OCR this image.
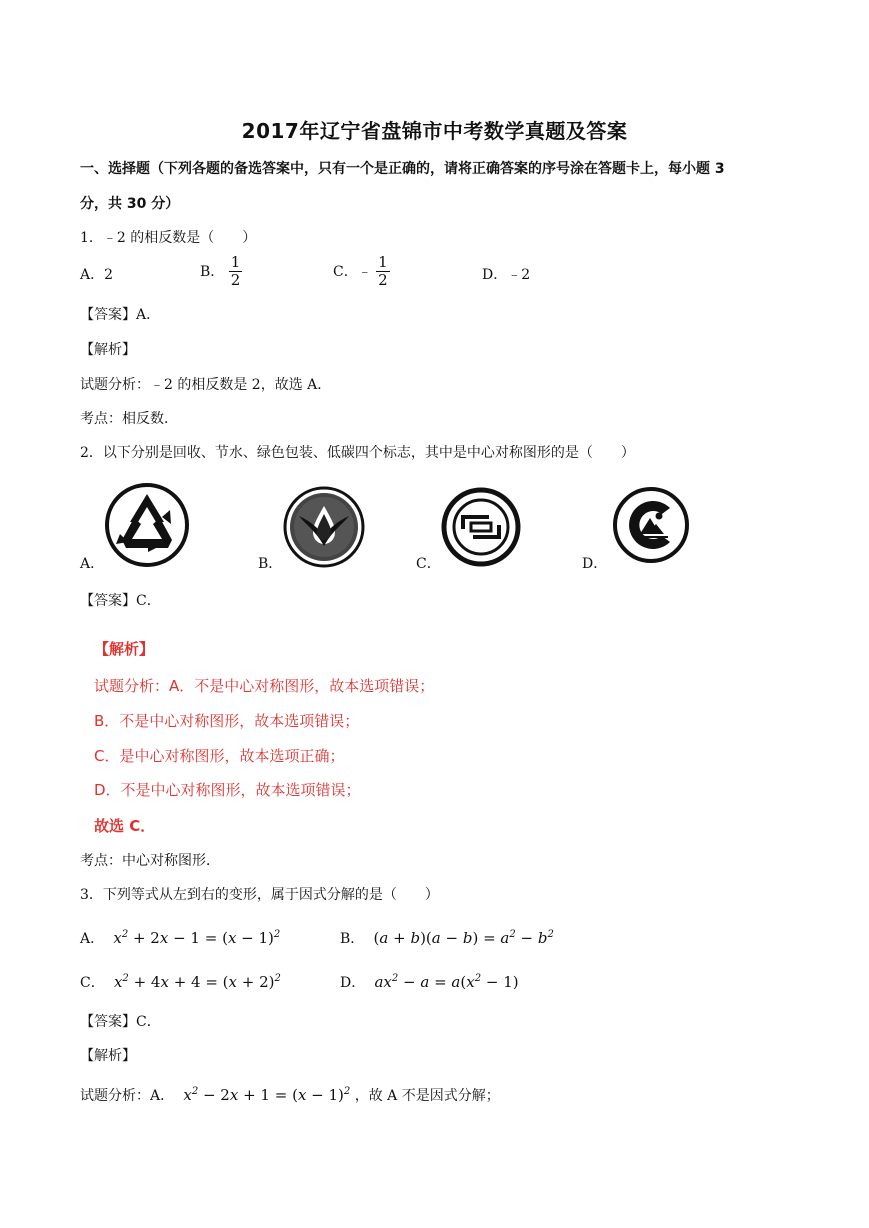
2017年辽宁省盘锦市中考数学真题及答案
一、选择题（下列各题的备选答案中，只有一个是正确的，请将正确答案的序号涂在答题卡上，每小题 3
分，共 30 分）
1．﹣2 的相反数是（　　）
A．2	B． $\frac{1}{2}$	C．﹣ $\frac{1}{2}$	D．﹣2
【答案】A．
【解析】
试题分析：﹣2 的相反数是 2，故选 A．
考点：相反数．
2．以下分别是回收、节水、绿色包装、低碳四个标志，其中是中心对称图形的是（　　）
A．	B．	C．	D．
【答案】C．
【解析】
试题分析：A．不是中心对称图形，故本选项错误；
B．不是中心对称图形，故本选项错误；
C．是中心对称图形，故本选项正确；
D．不是中心对称图形，故本选项错误；
故选 C．
考点：中心对称图形．
3．下列等式从左到右的变形，属于因式分解的是（　　）
A．  $x^2 + 2x - 1 = (x - 1)^2$	B． $(a + b)(a - b) = a^2 - b^2$
C．  $x^2 + 4x + 4 = (x + 2)^2$	D．  $ax^2 - a = a(x^2 - 1)$
【答案】C．
【解析】
试题分析：A．  $x^2 - 2x + 1 = (x - 1)^2$ ，故 A 不是因式分解；
